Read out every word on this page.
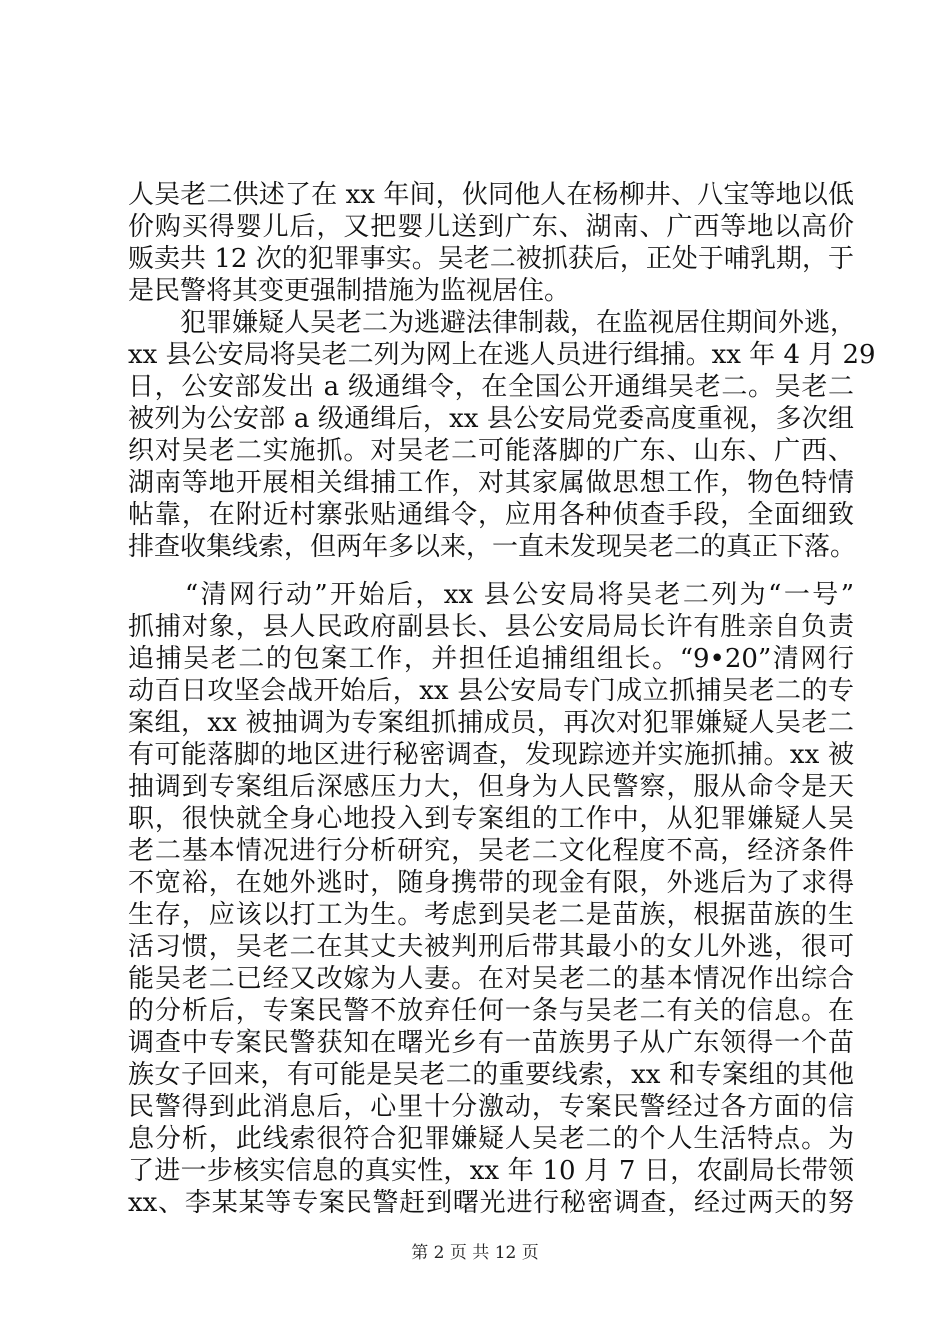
人吴老二供述了在 xx 年间，伙同他人在杨柳井、八宝等地以低
价购买得婴儿后，又把婴儿送到广东、湖南、广西等地以高价
贩卖共 12 次的犯罪事实。吴老二被抓获后，正处于哺乳期，于
是民警将其变更强制措施为监视居住。
　　犯罪嫌疑人吴老二为逃避法律制裁，在监视居住期间外逃，
xx 县公安局将吴老二列为网上在逃人员进行缉捕。xx 年 4 月 29
日，公安部发出 a 级通缉令，在全国公开通缉吴老二。吴老二
被列为公安部 a 级通缉后，xx 县公安局党委高度重视，多次组
织对吴老二实施抓。对吴老二可能落脚的广东、山东、广西、
湖南等地开展相关缉捕工作，对其家属做思想工作，物色特情
帖靠，在附近村寨张贴通缉令，应用各种侦查手段，全面细致
排查收集线索，但两年多以来，一直未发现吴老二的真正下落。
　　“清网行动”开始后，xx 县公安局将吴老二列为“一号”
抓捕对象，县人民政府副县长、县公安局局长许有胜亲自负责
追捕吴老二的包案工作，并担任追捕组组长。“9•20”清网行
动百日攻坚会战开始后，xx 县公安局专门成立抓捕吴老二的专
案组，xx 被抽调为专案组抓捕成员，再次对犯罪嫌疑人吴老二
有可能落脚的地区进行秘密调查，发现踪迹并实施抓捕。xx 被
抽调到专案组后深感压力大，但身为人民警察，服从命令是天
职，很快就全身心地投入到专案组的工作中，从犯罪嫌疑人吴
老二基本情况进行分析研究，吴老二文化程度不高，经济条件
不宽裕，在她外逃时，随身携带的现金有限，外逃后为了求得
生存，应该以打工为生。考虑到吴老二是苗族，根据苗族的生
活习惯，吴老二在其丈夫被判刑后带其最小的女儿外逃，很可
能吴老二已经又改嫁为人妻。在对吴老二的基本情况作出综合
的分析后，专案民警不放弃任何一条与吴老二有关的信息。在
调查中专案民警获知在曙光乡有一苗族男子从广东领得一个苗
族女子回来，有可能是吴老二的重要线索，xx 和专案组的其他
民警得到此消息后，心里十分激动，专案民警经过各方面的信
息分析，此线索很符合犯罪嫌疑人吴老二的个人生活特点。为
了进一步核实信息的真实性，xx 年 10 月 7 日，农副局长带领
xx、李某某等专案民警赶到曙光进行秘密调查，经过两天的努
第 2 页 共 12 页
